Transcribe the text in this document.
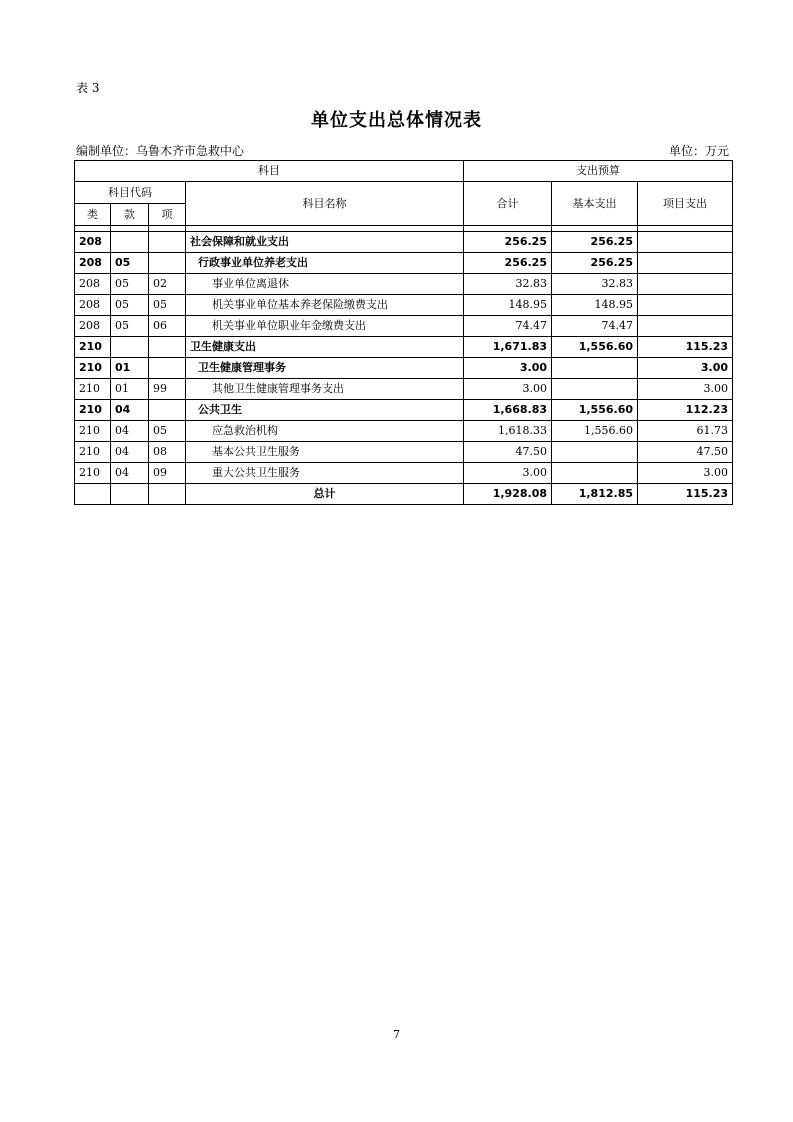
表 3
单位支出总体情况表
编制单位：乌鲁木齐市急救中心	单位：万元
科目				支出预算		
科目代码			科目名称	合计	基本支出	项目支出
类	款	项				

208			社会保障和就业支出	256.25	256.25	
208	05		行政事业单位养老支出	256.25	256.25	
208	05	02	事业单位离退休	32.83	32.83	
208	05	05	机关事业单位基本养老保险缴费支出	148.95	148.95	
208	05	06	机关事业单位职业年金缴费支出	74.47	74.47	
210			卫生健康支出	1,671.83	1,556.60	115.23
210	01		卫生健康管理事务	3.00		3.00
210	01	99	其他卫生健康管理事务支出	3.00		3.00
210	04		公共卫生	1,668.83	1,556.60	112.23
210	04	05	应急救治机构	1,618.33	1,556.60	61.73
210	04	08	基本公共卫生服务	47.50		47.50
210	04	09	重大公共卫生服务	3.00		3.00
			总计	1,928.08	1,812.85	115.23
7
